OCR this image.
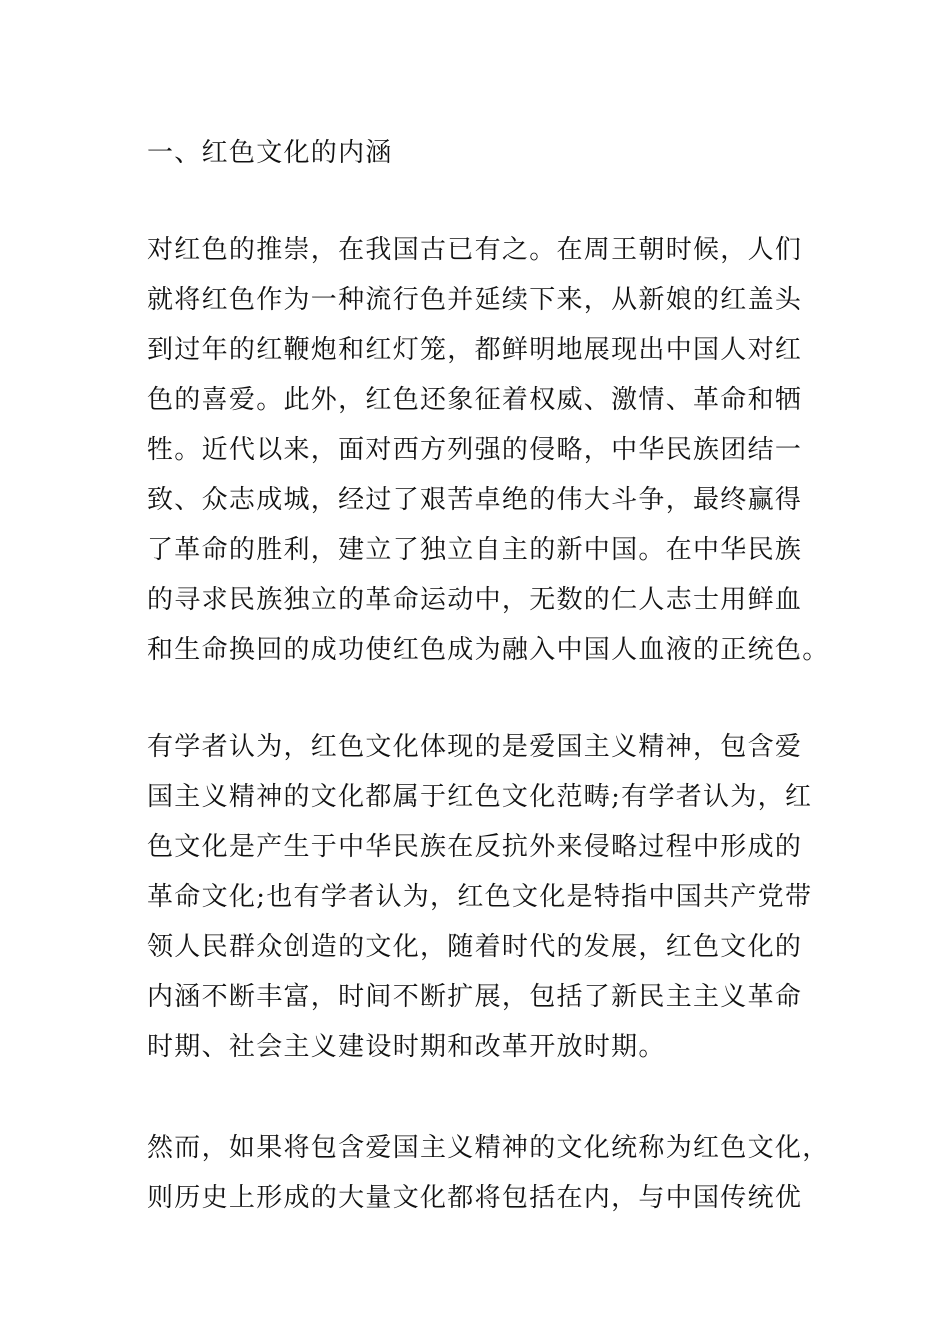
一、红色文化的内涵
对红色的推崇，在我国古已有之。在周王朝时候，人们
就将红色作为一种流行色并延续下来，从新娘的红盖头
到过年的红鞭炮和红灯笼，都鲜明地展现出中国人对红
色的喜爱。此外，红色还象征着权威、激情、革命和牺
牲。近代以来，面对西方列强的侵略，中华民族团结一
致、众志成城，经过了艰苦卓绝的伟大斗争，最终赢得
了革命的胜利，建立了独立自主的新中国。在中华民族
的寻求民族独立的革命运动中，无数的仁人志士用鲜血
和生命换回的成功使红色成为融入中国人血液的正统色。
有学者认为，红色文化体现的是爱国主义精神，包含爱
国主义精神的文化都属于红色文化范畴;有学者认为，红
色文化是产生于中华民族在反抗外来侵略过程中形成的
革命文化;也有学者认为，红色文化是特指中国共产党带
领人民群众创造的文化，随着时代的发展，红色文化的
内涵不断丰富，时间不断扩展，包括了新民主主义革命
时期、社会主义建设时期和改革开放时期。
然而，如果将包含爱国主义精神的文化统称为红色文化，
则历史上形成的大量文化都将包括在内，与中国传统优
